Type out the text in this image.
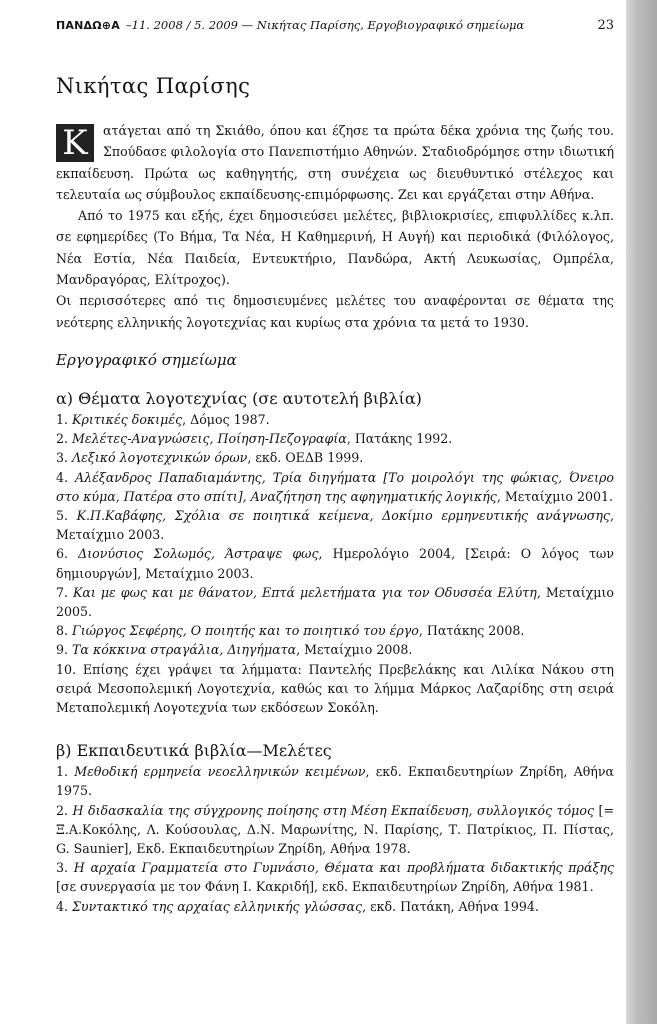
ΠΑΝΔΩ⊕Α –11. 2008 / 5. 2009 — Νικήτας Παρίσης, Εργοβιογραφικό σημείωμα	23
Νικήτας Παρίσης
Κ	ατάγεται από τη Σκιάθο, όπου και έζησε τα πρώτα δέκα χρόνια της ζωής του. Σπούδασε φιλολογία στο Πανεπιστήμιο Αθηνών. Σταδιοδρόμησε στην ιδιωτική εκπαίδευση. Πρώτα ως καθηγητής, στη συνέχεια ως διευθυντικό στέλεχος και τελευταία ως σύμβουλος εκπαίδευσης-επιμόρφωσης. Ζει και εργάζεται στην Αθήνα.

Από το 1975 και εξής, έχει δημοσιεύσει μελέτες, βιβλιοκρισίες, επιφυλλίδες κ.λπ. σε εφημερίδες (Το Βήμα, Τα Νέα, Η Καθημερινή, Η Αυγή) και περιοδικά (Φιλόλογος, Νέα Εστία, Νέα Παιδεία, Εντευκτήριο, Πανδώρα, Ακτή Λευκωσίας, Ομπρέλα, Μανδραγόρας, Ελίτροχος).

Οι περισσότερες από τις δημοσιευμένες μελέτες του αναφέρονται σε θέματα της νεότερης ελληνικής λογοτεχνίας και κυρίως στα χρόνια τα μετά το 1930.

Εργογραφικό σημείωμα
α) Θέματα λογοτεχνίας (σε αυτοτελή βιβλία)

1. Κριτικές δοκιμές, Δόμος 1987.

2. Μελέτες-Αναγνώσεις, Ποίηση-Πεζογραφία, Πατάκης 1992.

3. Λεξικό λογοτεχνικών όρων, εκδ. ΟΕΔΒ 1999.

4. Αλέξανδρος Παπαδιαμάντης, Τρία διηγήματα [Το μοιρολόγι της φώκιας, Όνειρο στο κύμα, Πατέρα στο σπίτι], Αναζήτηση της αφηγηματικής λογικής, Μεταίχμιο 2001.

5. Κ.Π.Καβάφης, Σχόλια σε ποιητικά κείμενα, Δοκίμιο ερμηνευτικής ανάγνωσης, Μεταίχμιο 2003.

6. Διονύσιος Σολωμός, Άστραψε φως, Ημερολόγιο 2004, [Σειρά: Ο λόγος των δημιουργών], Μεταίχμιο 2003.

7. Και με φως και με θάνατον, Επτά μελετήματα για τον Οδυσσέα Ελύτη, Μεταίχμιο 2005.

8. Γιώργος Σεφέρης, Ο ποιητής και το ποιητικό του έργο, Πατάκης 2008.

9. Τα κόκκινα στραγάλια, Διηγήματα, Μεταίχμιο 2008.

10. Επίσης έχει γράψει τα λήμματα: Παντελής Πρεβελάκης και Λιλίκα Νάκου στη σειρά Μεσοπολεμική Λογοτεχνία, καθώς και το λήμμα Μάρκος Λαζαρίδης στη σειρά Μεταπολεμική Λογοτεχνία των εκδόσεων Σοκόλη.

β) Εκπαιδευτικά βιβλία—Μελέτες

1. Μεθοδική ερμηνεία νεοελληνικών κειμένων, εκδ. Εκπαιδευτηρίων Ζηρίδη, Αθήνα 1975.

2. Η διδασκαλία της σύγχρονης ποίησης στη Μέση Εκπαίδευση, συλλογικός τόμος [= Ξ.Α.Κοκόλης, Λ. Κούσουλας, Δ.Ν. Μαρωνίτης, Ν. Παρίσης, Τ. Πατρίκιος, Π. Πίστας, G. Saunier], Εκδ. Εκπαιδευτηρίων Ζηρίδη, Αθήνα 1978.

3. Η αρχαία Γραμματεία στο Γυμνάσιο, Θέματα και προβλήματα διδακτικής πράξης [σε συνεργασία με τον Φάνη Ι. Κακριδή], εκδ. Εκπαιδευτηρίων Ζηρίδη, Αθήνα 1981.

4. Συντακτικό της αρχαίας ελληνικής γλώσσας, εκδ. Πατάκη, Αθήνα 1994.
